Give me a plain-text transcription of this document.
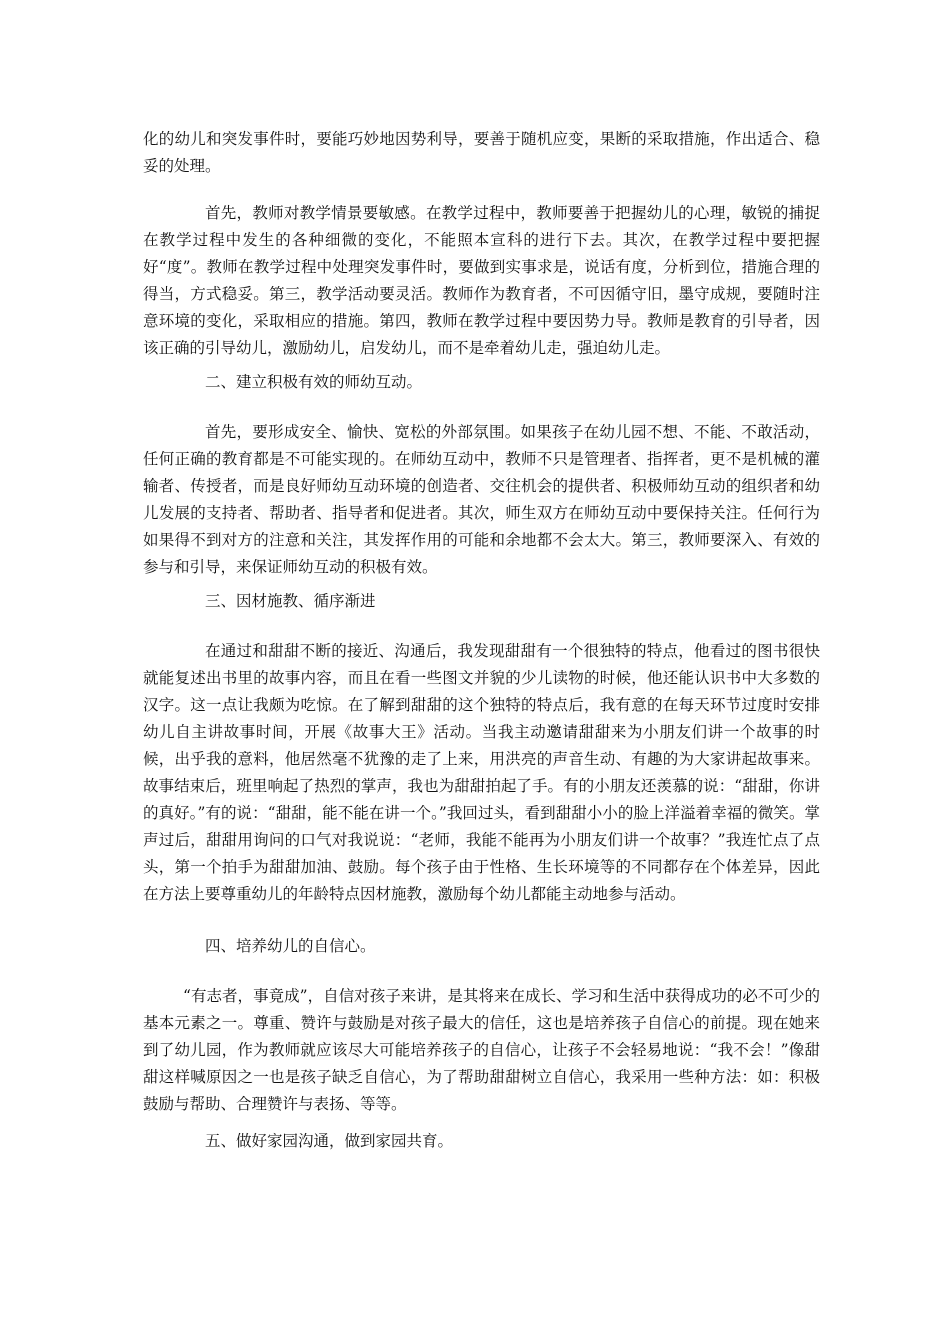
化的幼儿和突发事件时，要能巧妙地因势利导，要善于随机应变，果断的采取措施，作出适合、稳妥的处理。

首先，教师对教学情景要敏感。在教学过程中，教师要善于把握幼儿的心理，敏锐的捕捉在教学过程中发生的各种细微的变化，不能照本宣科的进行下去。其次，在教学过程中要把握好“度”。教师在教学过程中处理突发事件时，要做到实事求是，说话有度，分析到位，措施合理的得当，方式稳妥。第三，教学活动要灵活。教师作为教育者，不可因循守旧，墨守成规，要随时注意环境的变化，采取相应的措施。第四，教师在教学过程中要因势力导。教师是教育的引导者，因该正确的引导幼儿，激励幼儿，启发幼儿，而不是牵着幼儿走，强迫幼儿走。

二、建立积极有效的师幼互动。

首先，要形成安全、愉快、宽松的外部氛围。如果孩子在幼儿园不想、不能、不敢活动，任何正确的教育都是不可能实现的。在师幼互动中，教师不只是管理者、指挥者，更不是机械的灌输者、传授者，而是良好师幼互动环境的创造者、交往机会的提供者、积极师幼互动的组织者和幼儿发展的支持者、帮助者、指导者和促进者。其次，师生双方在师幼互动中要保持关注。任何行为如果得不到对方的注意和关注，其发挥作用的可能和余地都不会太大。第三，教师要深入、有效的参与和引导，来保证师幼互动的积极有效。

三、因材施教、循序渐进

在通过和甜甜不断的接近、沟通后，我发现甜甜有一个很独特的特点，他看过的图书很快就能复述出书里的故事内容，而且在看一些图文并貌的少儿读物的时候，他还能认识书中大多数的汉字。这一点让我颇为吃惊。在了解到甜甜的这个独特的特点后，我有意的在每天环节过度时安排幼儿自主讲故事时间，开展《故事大王》活动。当我主动邀请甜甜来为小朋友们讲一个故事的时候，出乎我的意料，他居然毫不犹豫的走了上来，用洪亮的声音生动、有趣的为大家讲起故事来。故事结束后，班里响起了热烈的掌声，我也为甜甜拍起了手。有的小朋友还羡慕的说：“甜甜，你讲的真好。”有的说：“甜甜，能不能在讲一个。”我回过头，看到甜甜小小的脸上洋溢着幸福的微笑。掌声过后，甜甜用询问的口气对我说说：“老师，我能不能再为小朋友们讲一个故事？”我连忙点了点头，第一个拍手为甜甜加油、鼓励。每个孩子由于性格、生长环境等的不同都存在个体差异，因此在方法上要尊重幼儿的年龄特点因材施教，激励每个幼儿都能主动地参与活动。

四、培养幼儿的自信心。

“有志者，事竟成”，自信对孩子来讲，是其将来在成长、学习和生活中获得成功的必不可少的基本元素之一。尊重、赞许与鼓励是对孩子最大的信任，这也是培养孩子自信心的前提。现在她来到了幼儿园，作为教师就应该尽大可能培养孩子的自信心，让孩子不会轻易地说：“我不会！”像甜甜这样喊原因之一也是孩子缺乏自信心，为了帮助甜甜树立自信心，我采用一些种方法：如：积极鼓励与帮助、合理赞许与表扬、等等。

五、做好家园沟通，做到家园共育。
